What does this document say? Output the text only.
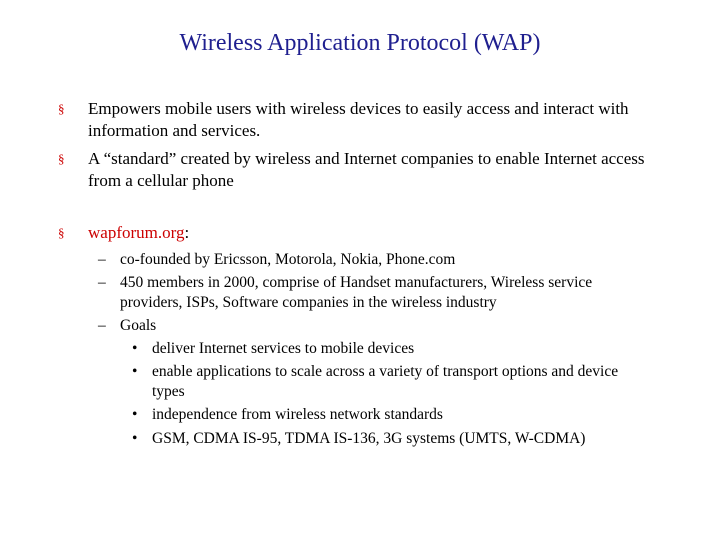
Wireless Application Protocol (WAP)
§ Empowers mobile users with wireless devices to easily access and interact with information and services.
§ A “standard” created by wireless and Internet companies to enable Internet access from a cellular phone
§ wapforum.org:
– co-founded by Ericsson, Motorola, Nokia, Phone.com
– 450 members in 2000, comprise of Handset manufacturers, Wireless service providers, ISPs, Software companies in the wireless industry
– Goals
• deliver Internet services to mobile devices
• enable applications to scale across a variety of transport options and device types
• independence from wireless network standards
• GSM, CDMA IS-95, TDMA IS-136, 3G systems (UMTS, W-CDMA)
